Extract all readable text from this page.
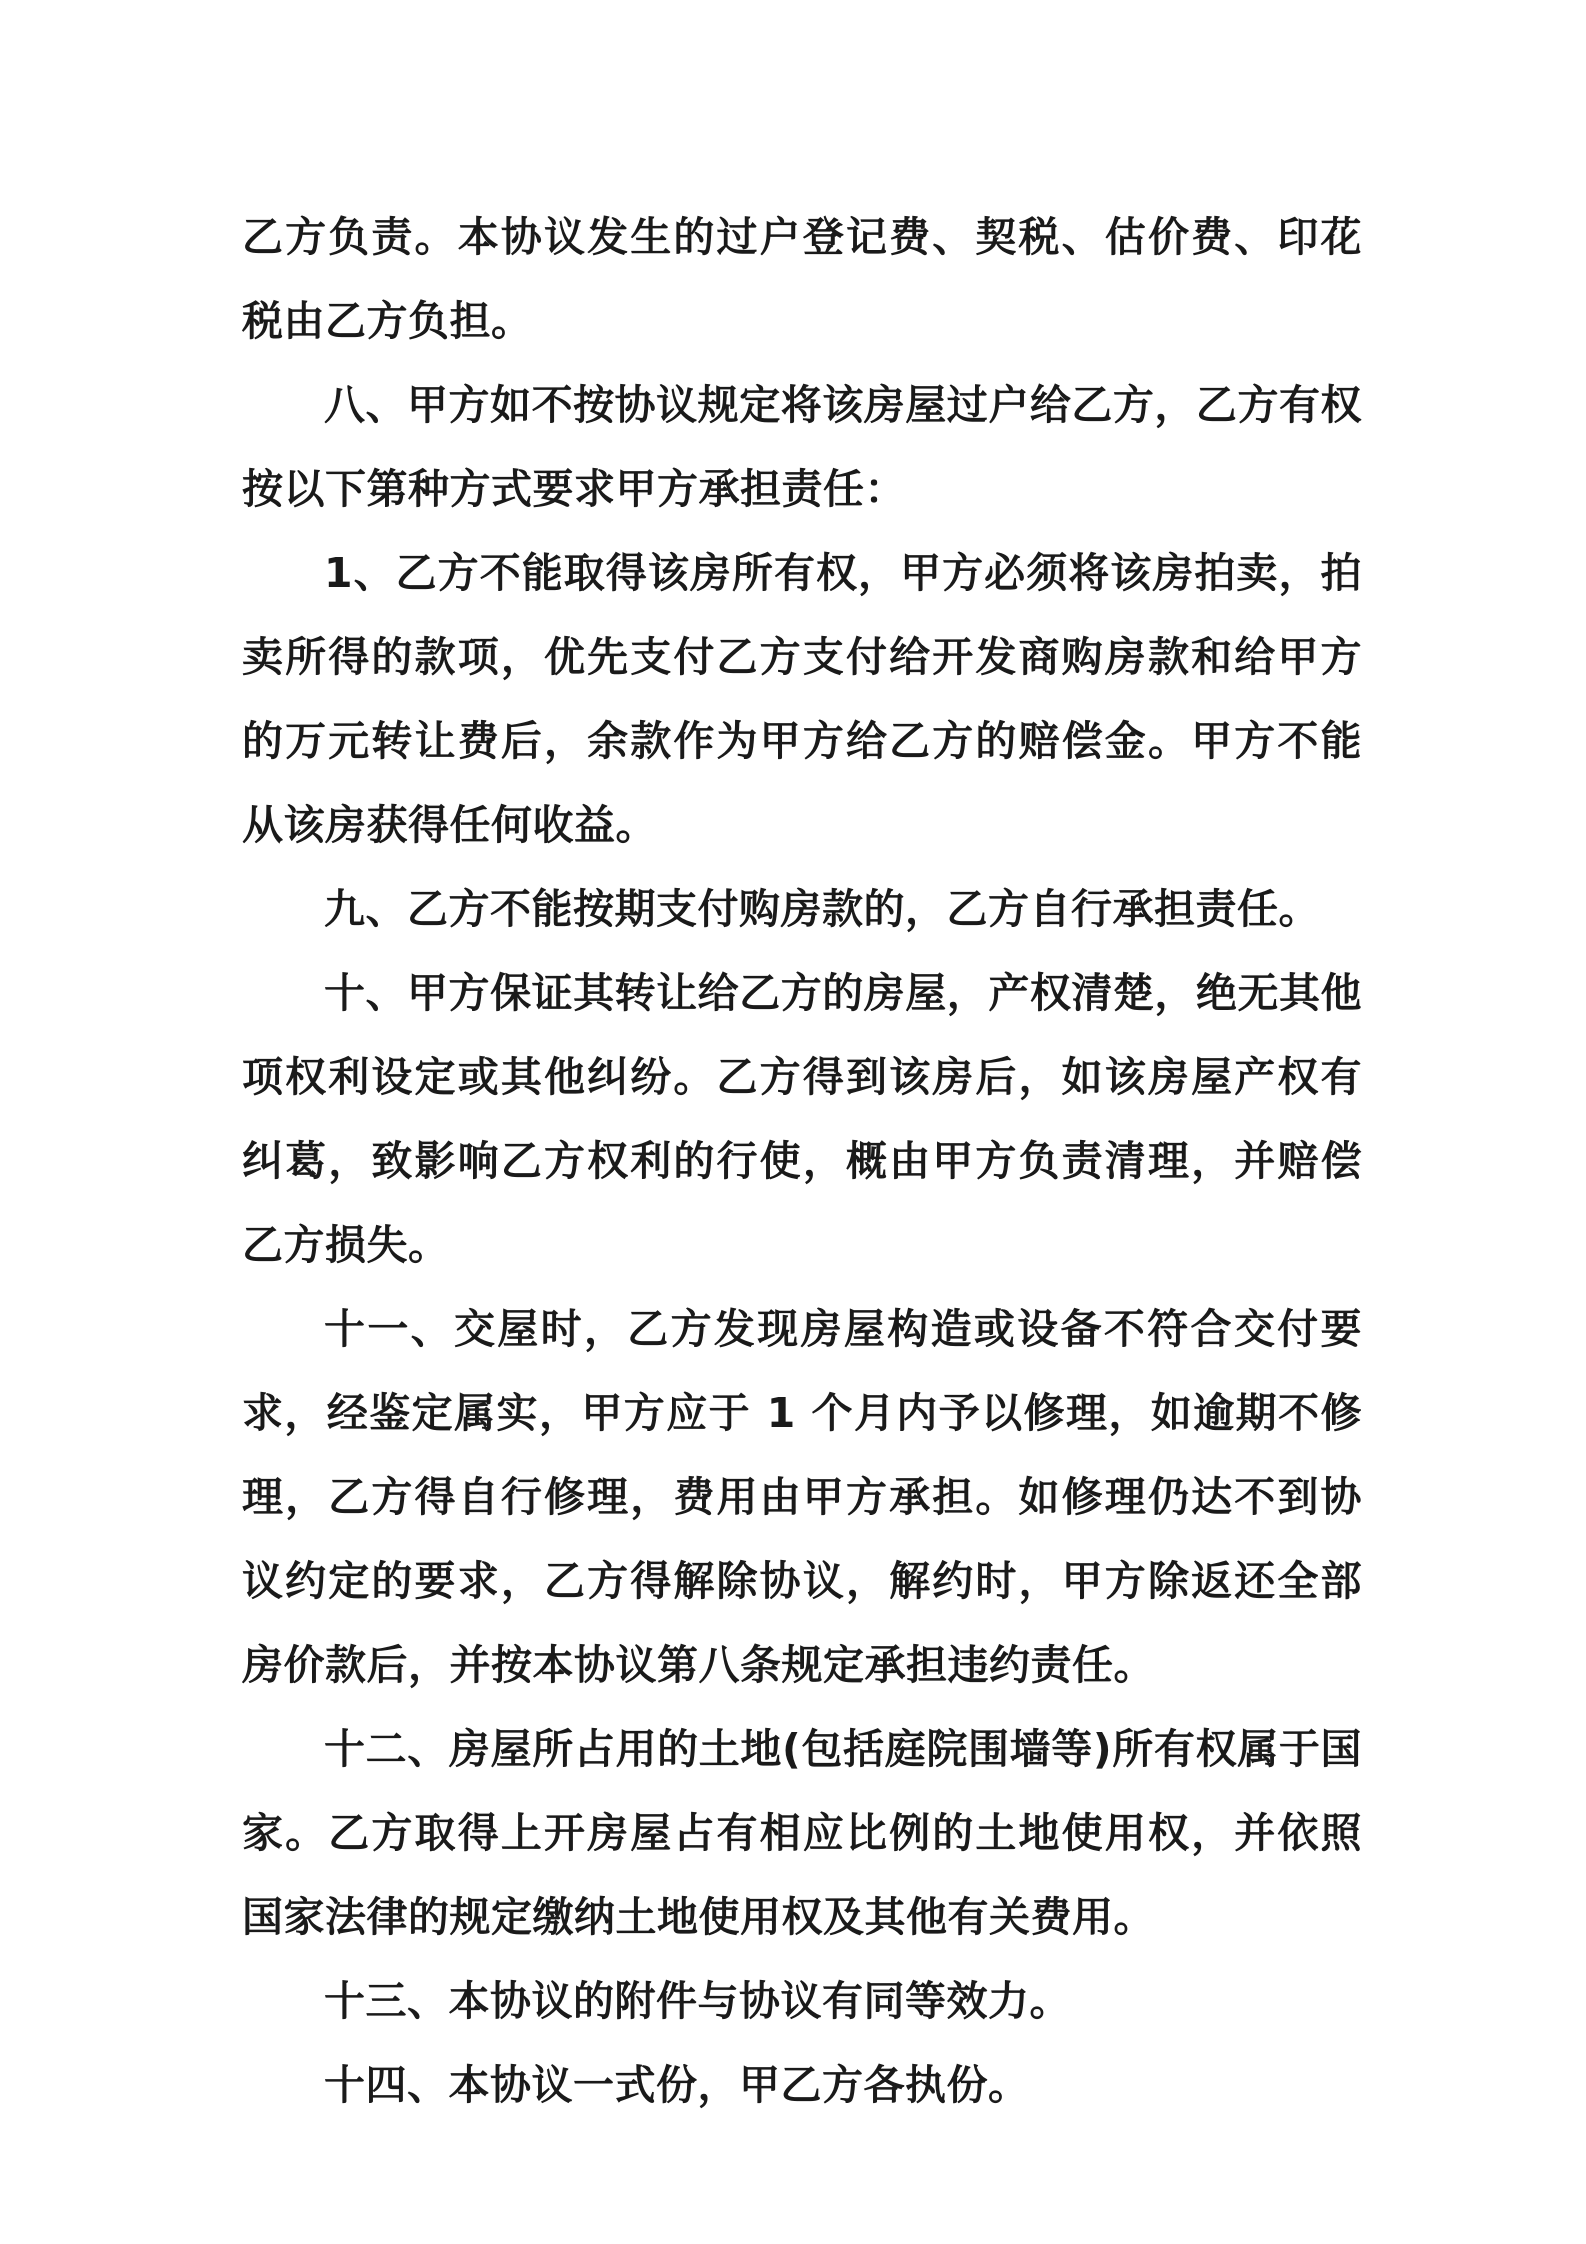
乙方负责。本协议发生的过户登记费、契税、估价费、印花税由乙方负担。

八、甲方如不按协议规定将该房屋过户给乙方，乙方有权按以下第种方式要求甲方承担责任：

1、乙方不能取得该房所有权，甲方必须将该房拍卖，拍卖所得的款项，优先支付乙方支付给开发商购房款和给甲方的万元转让费后，余款作为甲方给乙方的赔偿金。甲方不能从该房获得任何收益。

九、乙方不能按期支付购房款的，乙方自行承担责任。

十、甲方保证其转让给乙方的房屋，产权清楚，绝无其他项权利设定或其他纠纷。乙方得到该房后，如该房屋产权有纠葛，致影响乙方权利的行使，概由甲方负责清理，并赔偿乙方损失。

十一、交屋时，乙方发现房屋构造或设备不符合交付要求，经鉴定属实，甲方应于 1 个月内予以修理，如逾期不修理，乙方得自行修理，费用由甲方承担。如修理仍达不到协议约定的要求，乙方得解除协议，解约时，甲方除返还全部房价款后，并按本协议第八条规定承担违约责任。

十二、房屋所占用的土地(包括庭院围墙等)所有权属于国家。乙方取得上开房屋占有相应比例的土地使用权，并依照国家法律的规定缴纳土地使用权及其他有关费用。

十三、本协议的附件与协议有同等效力。

十四、本协议一式份，甲乙方各执份。
